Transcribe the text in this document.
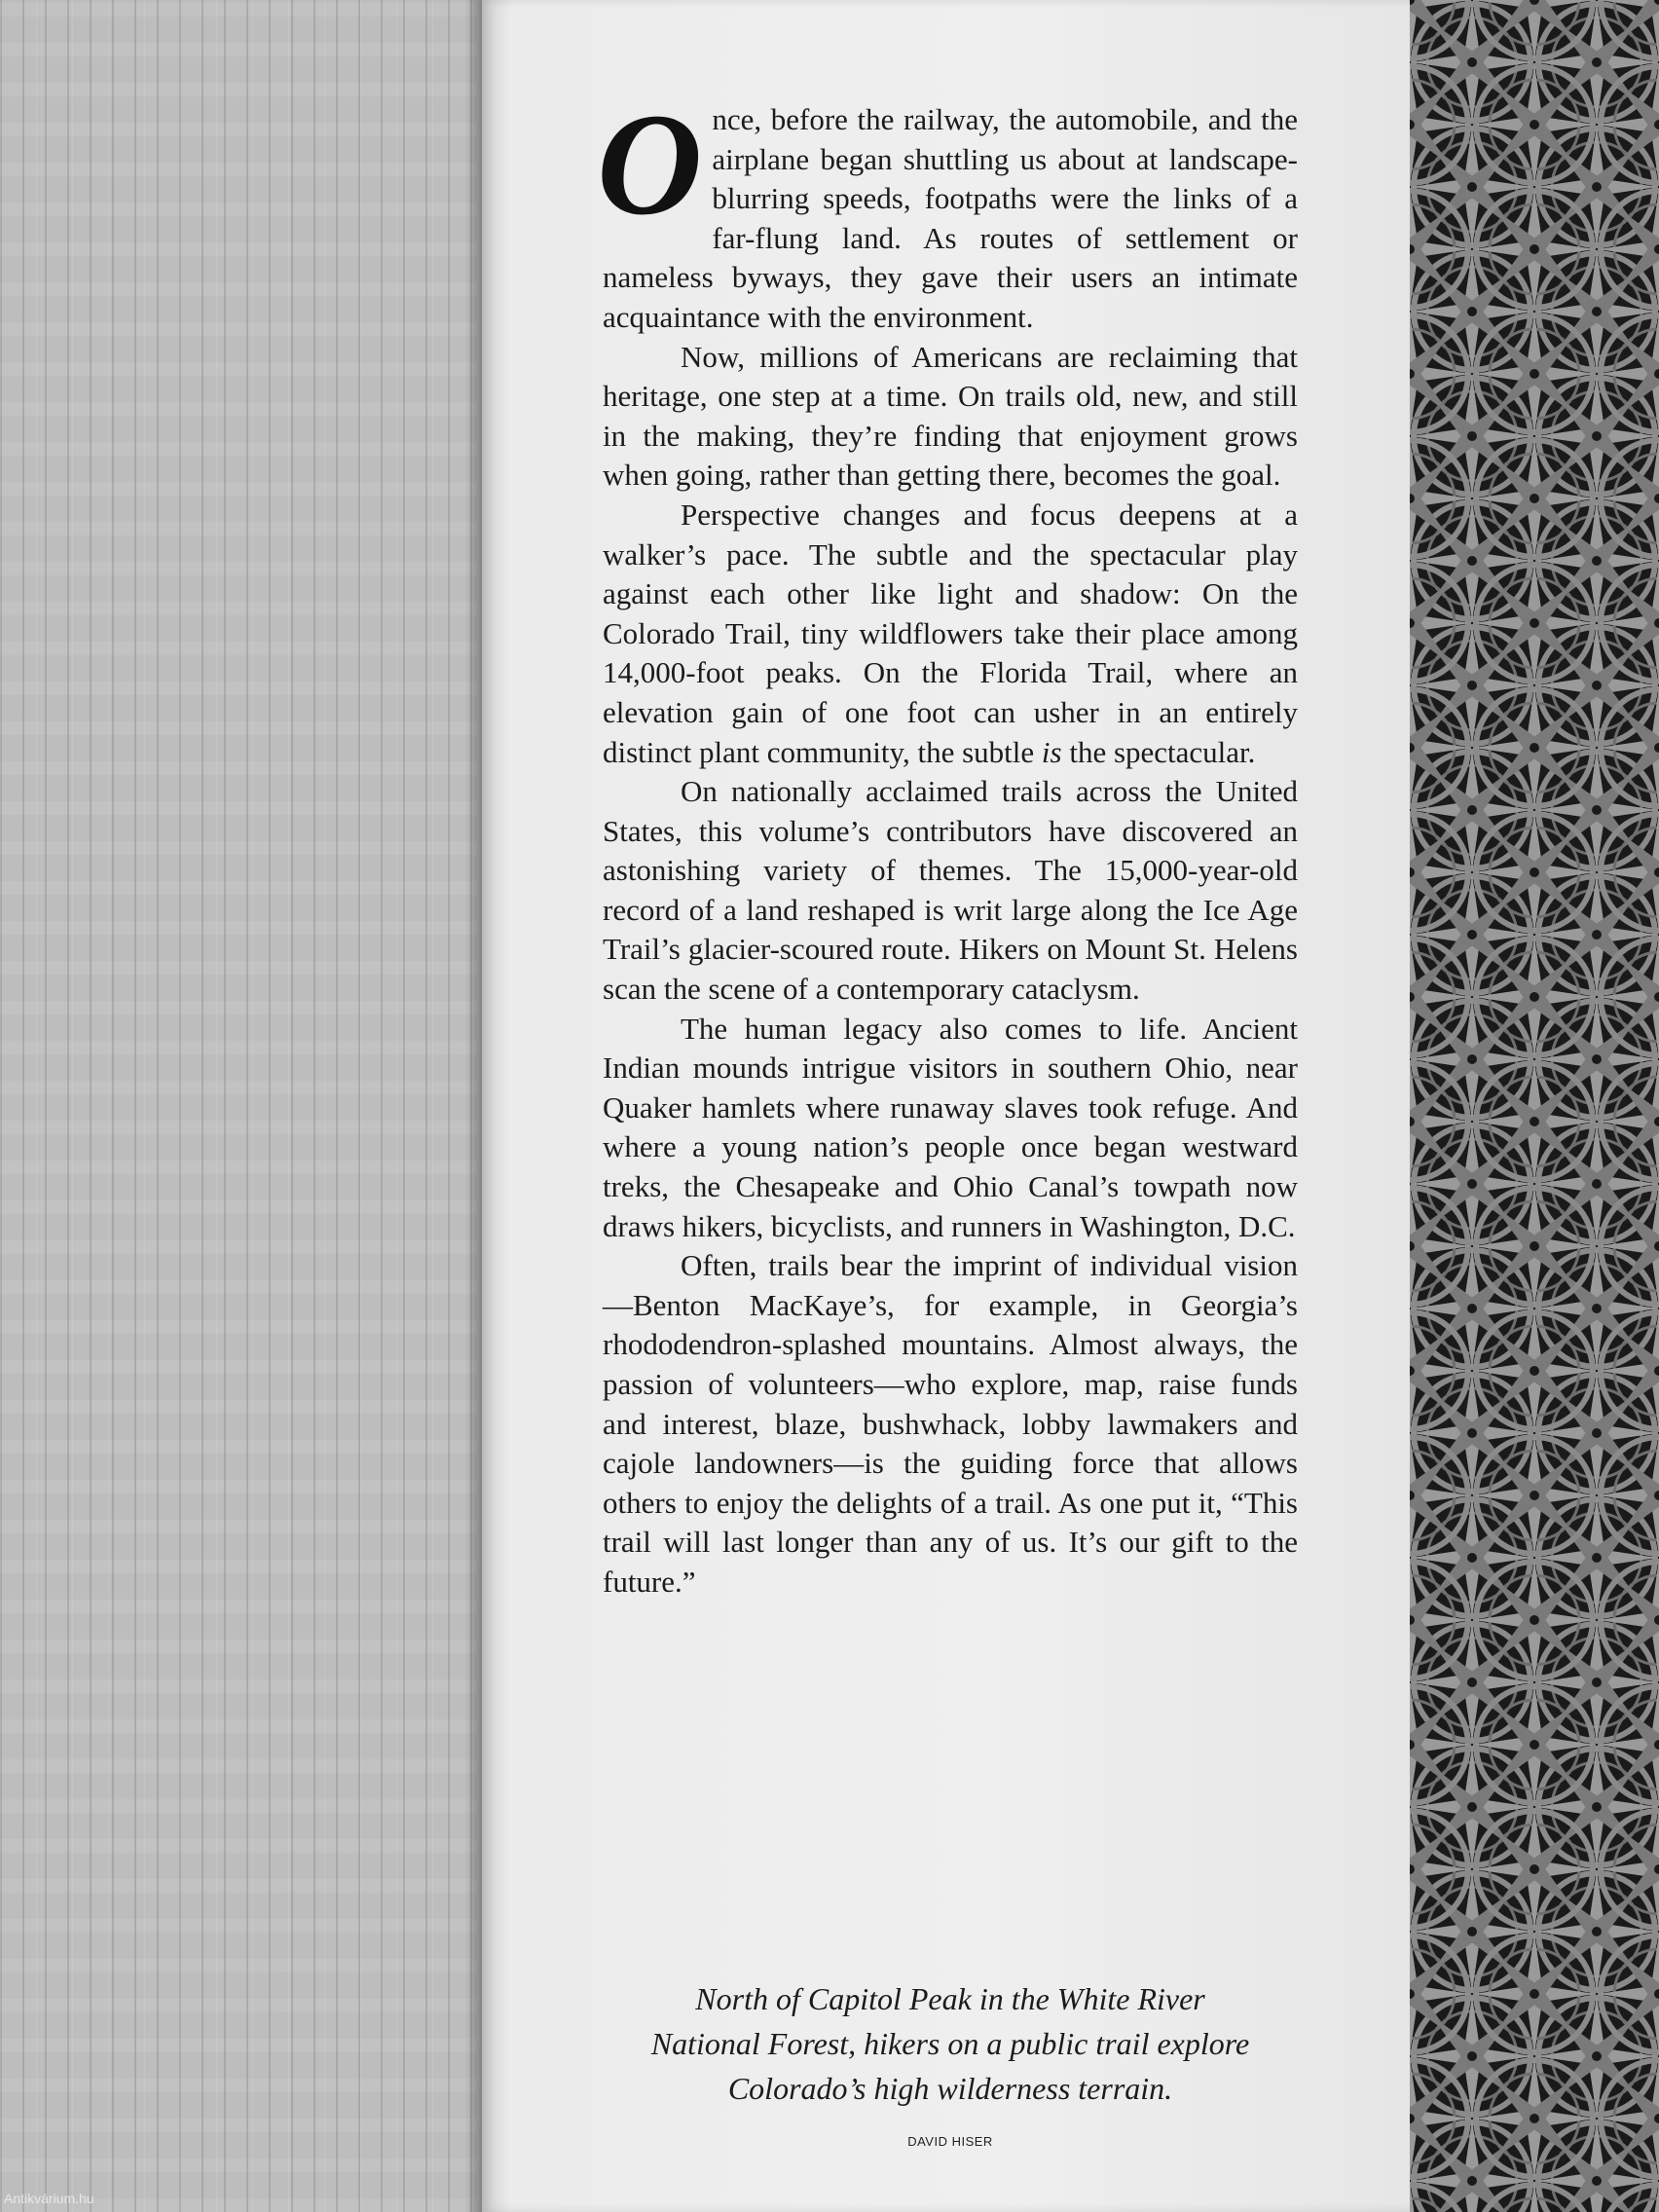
Once, before the railway, the automobile, and the airplane began shuttling us about at landscape-blurring speeds, footpaths were the links of a far-flung land. As routes of settlement or nameless byways, they gave their users an intimate acquaintance with the environment.

Now, millions of Americans are reclaiming that heritage, one step at a time. On trails old, new, and still in the making, they’re finding that enjoyment grows when going, rather than getting there, becomes the goal.

Perspective changes and focus deepens at a walker’s pace. The subtle and the spectacular play against each other like light and shadow: On the Colorado Trail, tiny wildflowers take their place among 14,000-foot peaks. On the Florida Trail, where an elevation gain of one foot can usher in an entirely distinct plant community, the subtle is the spectacular.

On nationally acclaimed trails across the United States, this volume’s contributors have discovered an astonishing variety of themes. The 15,000-year-old record of a land reshaped is writ large along the Ice Age Trail’s glacier-scoured route. Hikers on Mount St. Helens scan the scene of a contemporary cataclysm.

The human legacy also comes to life. Ancient Indian mounds intrigue visitors in southern Ohio, near Quaker hamlets where runaway slaves took refuge. And where a young nation’s people once began westward treks, the Chesapeake and Ohio Canal’s towpath now draws hikers, bicyclists, and runners in Washington, D.C.

Often, trails bear the imprint of individual vision—Benton MacKaye’s, for example, in Georgia’s rhododendron-splashed mountains. Almost always, the passion of volunteers—who explore, map, raise funds and interest, blaze, bushwhack, lobby lawmakers and cajole landowners—is the guiding force that allows others to enjoy the delights of a trail. As one put it, “This trail will last longer than any of us. It’s our gift to the future.”

North of Capitol Peak in the White River
National Forest, hikers on a public trail explore
Colorado’s high wilderness terrain.
DAVID HISER
Antikvárium.hu
